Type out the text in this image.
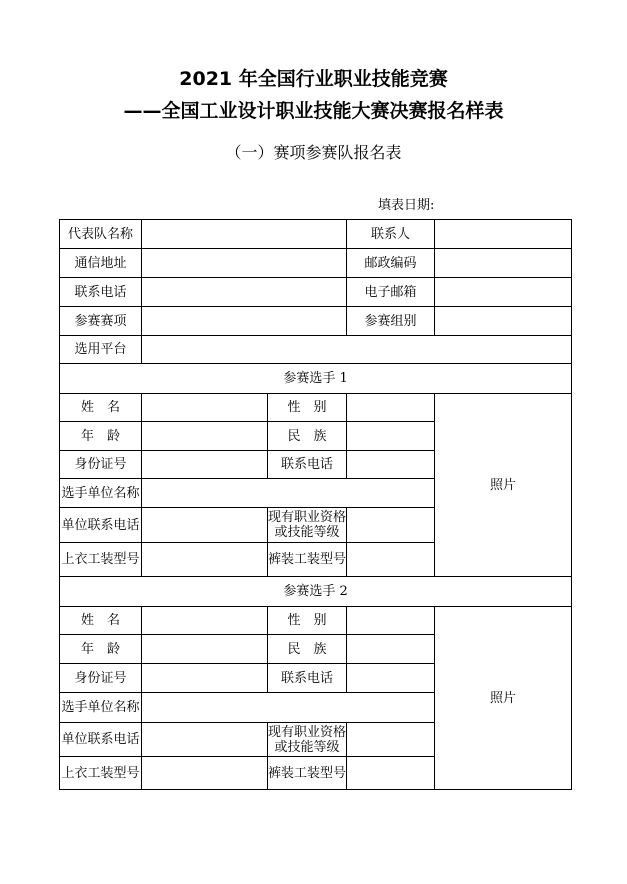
2021 年全国行业职业技能竞赛
——全国工业设计职业技能大赛决赛报名样表
（一）赛项参赛队报名表
填表日期:
代表队名称			联系人	
通信地址			邮政编码	
联系电话			电子邮箱	
参赛赛项			参赛组别	
选用平台				
参赛选手 1				
姓　名		性　别		照片
年　龄		民　族		
身份证号		联系电话		
选手单位名称				
单位联系电话		现有职业资格
或技能等级		
上衣工装型号		裤装工装型号		
参赛选手 2				
姓　名		性　别		照片
年　龄		民　族		
身份证号		联系电话		
选手单位名称				
单位联系电话		现有职业资格
或技能等级		
上衣工装型号		裤装工装型号		
